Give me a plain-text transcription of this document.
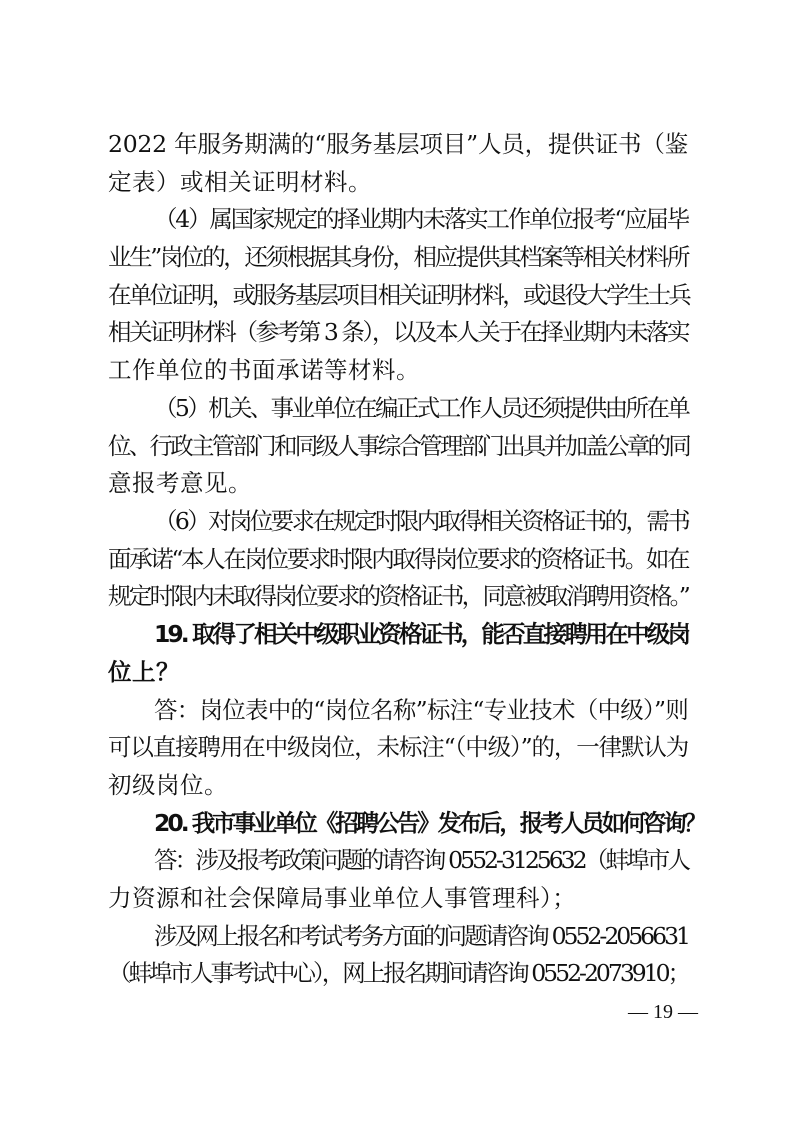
2022 年服务期满的“服务基层项目”人员，提供证书（鉴
定表）或相关证明材料。
（4）属国家规定的择业期内未落实工作单位报考“应届毕
业生”岗位的，还须根据其身份，相应提供其档案等相关材料所
在单位证明，或服务基层项目相关证明材料，或退役大学生士兵
相关证明材料（参考第 3 条），以及本人关于在择业期内未落实
工作单位的书面承诺等材料。
（5）机关、事业单位在编正式工作人员还须提供由所在单
位、行政主管部门和同级人事综合管理部门出具并加盖公章的同
意报考意见。
（6）对岗位要求在规定时限内取得相关资格证书的，需书
面承诺“本人在岗位要求时限内取得岗位要求的资格证书。如在
规定时限内未取得岗位要求的资格证书，同意被取消聘用资格。”
19. 取得了相关中级职业资格证书，能否直接聘用在中级岗
位上？
答：岗位表中的“岗位名称”标注“专业技术（中级）”则
可以直接聘用在中级岗位，未标注“（中级）”的，一律默认为
初级岗位。
20. 我市事业单位《招聘公告》发布后，报考人员如何咨询？
答：涉及报考政策问题的请咨询 0552-3125632（蚌埠市人
力资源和社会保障局事业单位人事管理科）；
涉及网上报名和考试考务方面的问题请咨询 0552-2056631
（蚌埠市人事考试中心），网上报名期间请咨询 0552-2073910；
— 19 —
